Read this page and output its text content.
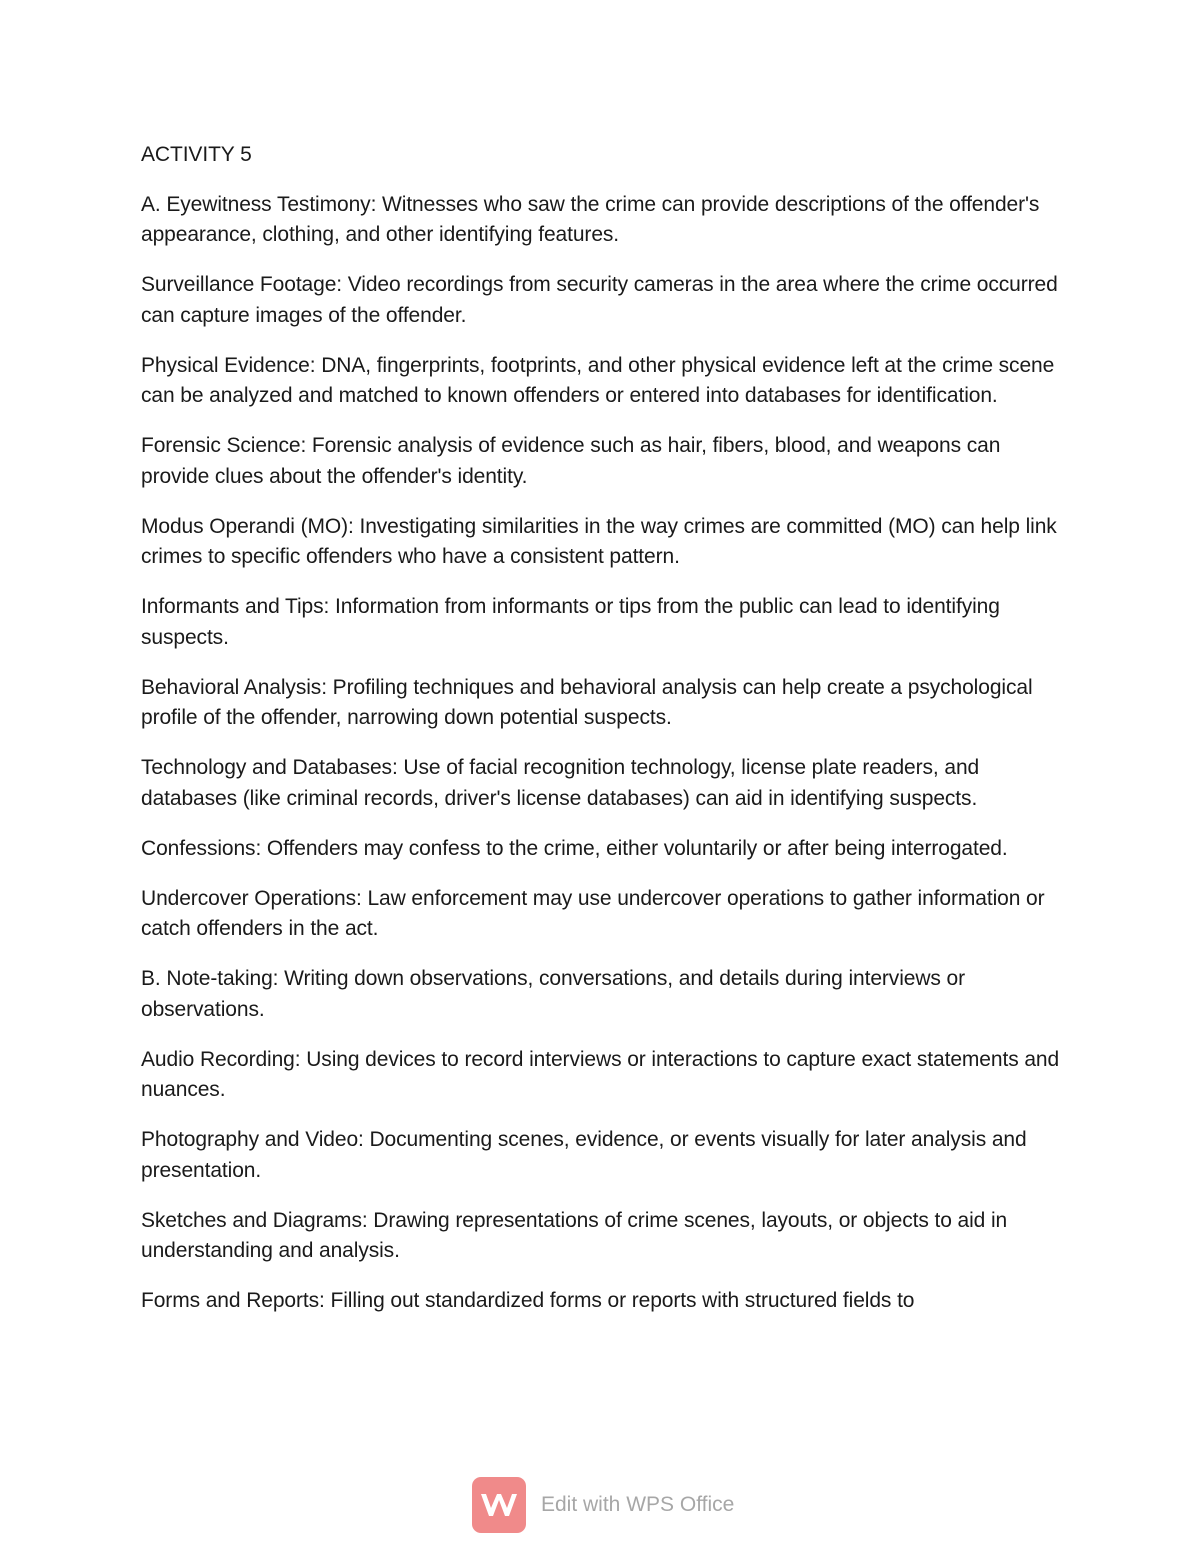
ACTIVITY 5
A. Eyewitness Testimony: Witnesses who saw the crime can provide descriptions of the offender's appearance, clothing, and other identifying features.
Surveillance Footage: Video recordings from security cameras in the area where the crime occurred can capture images of the offender.
Physical Evidence: DNA, fingerprints, footprints, and other physical evidence left at the crime scene can be analyzed and matched to known offenders or entered into databases for identification.
Forensic Science: Forensic analysis of evidence such as hair, fibers, blood, and weapons can provide clues about the offender's identity.
Modus Operandi (MO): Investigating similarities in the way crimes are committed (MO) can help link crimes to specific offenders who have a consistent pattern.
Informants and Tips: Information from informants or tips from the public can lead to identifying suspects.
Behavioral Analysis: Profiling techniques and behavioral analysis can help create a psychological profile of the offender, narrowing down potential suspects.
Technology and Databases: Use of facial recognition technology, license plate readers, and databases (like criminal records, driver's license databases) can aid in identifying suspects.
Confessions: Offenders may confess to the crime, either voluntarily or after being interrogated.
Undercover Operations: Law enforcement may use undercover operations to gather information or catch offenders in the act.
B. Note-taking: Writing down observations, conversations, and details during interviews or observations.
Audio Recording: Using devices to record interviews or interactions to capture exact statements and nuances.
Photography and Video: Documenting scenes, evidence, or events visually for later analysis and presentation.
Sketches and Diagrams: Drawing representations of crime scenes, layouts, or objects to aid in understanding and analysis.
Forms and Reports: Filling out standardized forms or reports with structured fields to
Edit with WPS Office
